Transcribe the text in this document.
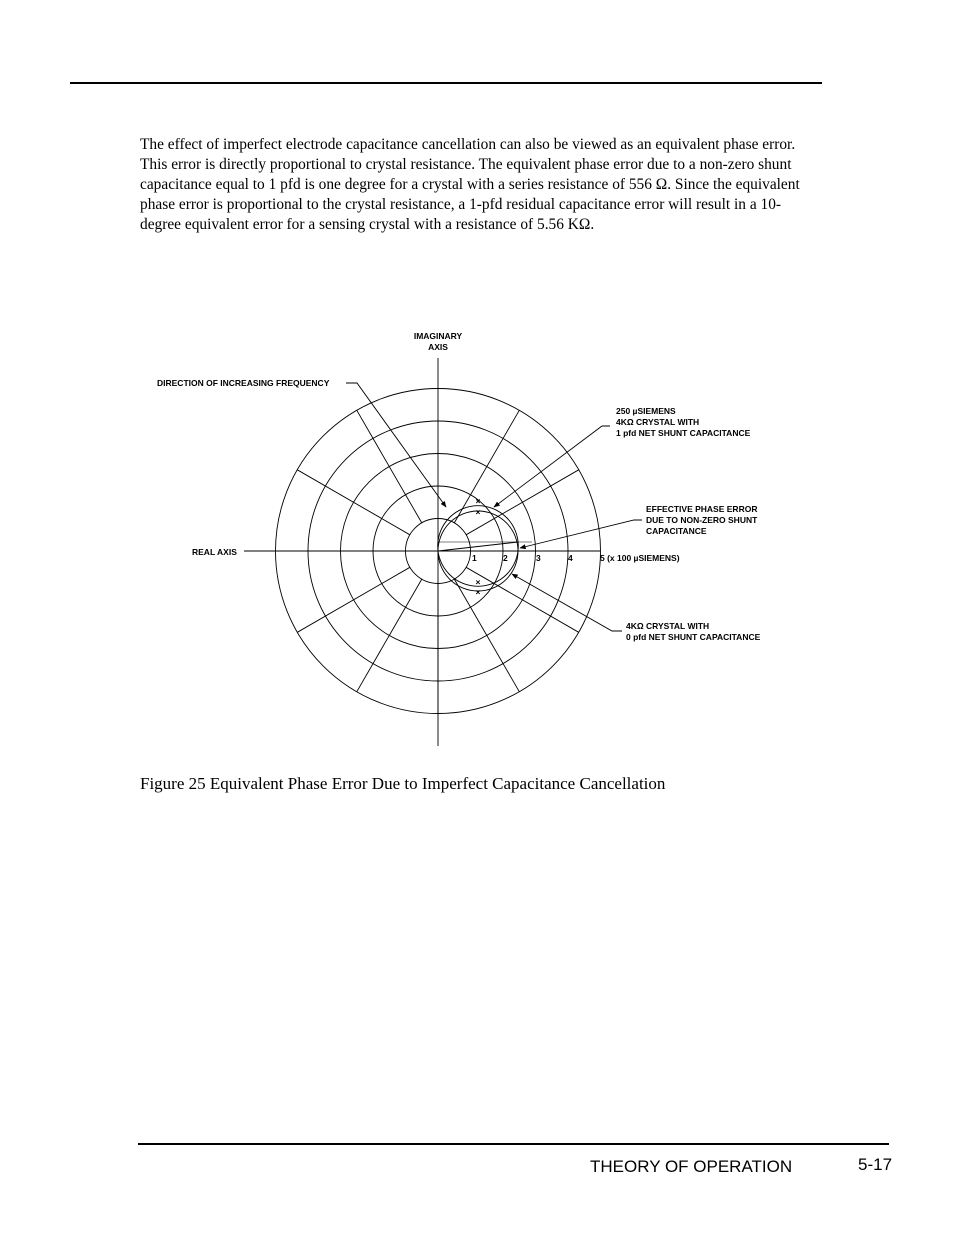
The effect of imperfect electrode capacitance cancellation can also be viewed as an equivalent phase error. This error is directly proportional to crystal resistance. The equivalent phase error due to a non-zero shunt capacitance equal to 1 pfd is one degree for a crystal with a series resistance of 556 Ω. Since the equivalent phase error is proportional to the crystal resistance, a 1-pfd residual capacitance error will result in a 10-degree equivalent error for a sensing crystal with a resistance of 5.56 KΩ.

×
×
×
×
IMAGINARY
AXIS
DIRECTION OF INCREASING FREQUENCY
REAL AXIS
250 µSIEMENS
4KΩ CRYSTAL WITH
1 pfd NET SHUNT CAPACITANCE
EFFECTIVE PHASE ERROR
DUE TO NON-ZERO SHUNT
CAPACITANCE
4KΩ CRYSTAL WITH
0 pfd NET SHUNT CAPACITANCE
1	2	3	4	5 (x 100 µSIEMENS)

Figure 25 Equivalent Phase Error Due to Imperfect Capacitance Cancellation

THEORY OF OPERATION	5-17
